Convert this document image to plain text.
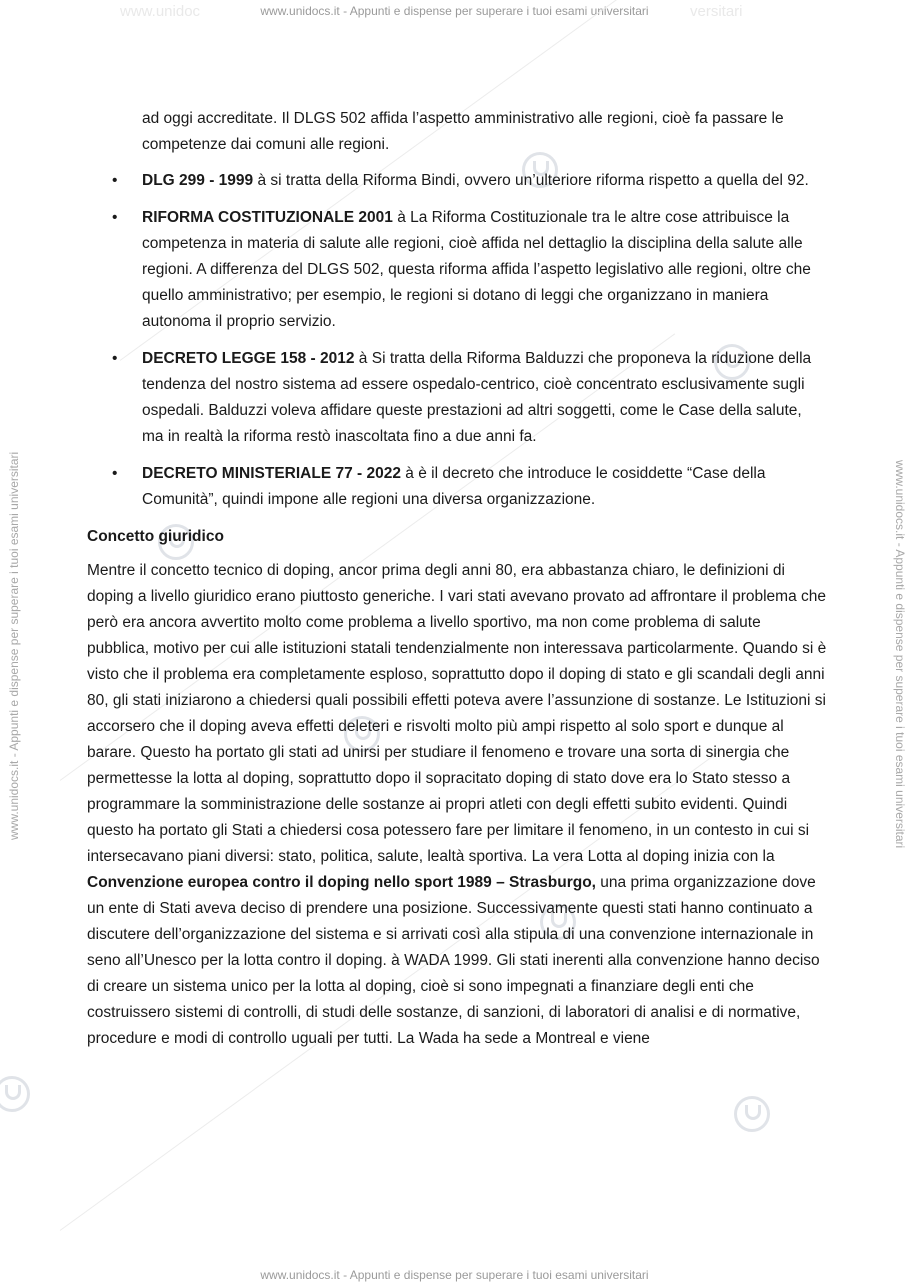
www.unidoc	versitari
www.unidocs.it - Appunti e dispense per superare i tuoi esami universitari
www.unidocs.it - Appunti e dispense per superare i tuoi esami universitari
www.unidocs.it - Appunti e dispense per superare i tuoi esami universitari	www.unidocs.it - Appunti e dispense per superare i tuoi esami universitari

ad oggi accreditate. Il DLGS 502 affida l’aspetto amministrativo alle regioni, cioè fa passare le competenze dai comuni alle regioni.

• DLG 299 - 1999 à si tratta della Riforma Bindi, ovvero un’ulteriore riforma rispetto a quella del 92.
• RIFORMA COSTITUZIONALE 2001 à La Riforma Costituzionale tra le altre cose attribuisce la competenza in materia di salute alle regioni, cioè affida nel dettaglio la disciplina della salute alle regioni. A differenza del DLGS 502, questa riforma affida l’aspetto legislativo alle regioni, oltre che quello amministrativo; per esempio, le regioni si dotano di leggi che organizzano in maniera autonoma il proprio servizio.
• DECRETO LEGGE 158 - 2012 à Si tratta della Riforma Balduzzi che proponeva la riduzione della tendenza del nostro sistema ad essere ospedalo-centrico, cioè concentrato esclusivamente sugli ospedali. Balduzzi voleva affidare queste prestazioni ad altri soggetti, come le Case della salute, ma in realtà la riforma restò inascoltata fino a due anni fa.
• DECRETO MINISTERIALE 77 - 2022 à è il decreto che introduce le cosiddette “Case della Comunità”, quindi impone alle regioni una diversa organizzazione.
Concetto giuridico

Mentre il concetto tecnico di doping, ancor prima degli anni 80, era abbastanza chiaro, le definizioni di doping a livello giuridico erano piuttosto generiche. I vari stati avevano provato ad affrontare il problema che però era ancora avvertito molto come problema a livello sportivo, ma non come problema di salute pubblica, motivo per cui alle istituzioni statali tendenzialmente non interessava particolarmente. Quando si è visto che il problema era completamente esploso, soprattutto dopo il doping di stato e gli scandali degli anni 80, gli stati iniziarono a chiedersi quali possibili effetti poteva avere l’assunzione di sostanze. Le Istituzioni si accorsero che il doping aveva effetti deleteri e risvolti molto più ampi rispetto al solo sport e dunque al barare. Questo ha portato gli stati ad unirsi per studiare il fenomeno e trovare una sorta di sinergia che permettesse la lotta al doping, soprattutto dopo il sopracitato doping di stato dove era lo Stato stesso a programmare la somministrazione delle sostanze ai propri atleti con degli effetti subito evidenti. Quindi questo ha portato gli Stati a chiedersi cosa potessero fare per limitare il fenomeno, in un contesto in cui si intersecavano piani diversi: stato, politica, salute, lealtà sportiva. La vera Lotta al doping inizia con la Convenzione europea contro il doping nello sport 1989 – Strasburgo, una prima organizzazione dove un ente di Stati aveva deciso di prendere una posizione. Successivamente questi stati hanno continuato a discutere dell’organizzazione del sistema e si arrivati così alla stipula di una convenzione internazionale in seno all’Unesco per la lotta contro il doping. à WADA 1999. Gli stati inerenti alla convenzione hanno deciso di creare un sistema unico per la lotta al doping, cioè si sono impegnati a finanziare degli enti che costruissero sistemi di controlli, di studi delle sostanze, di sanzioni, di laboratori di analisi e di normative, procedure e modi di controllo uguali per tutti. La Wada ha sede a Montreal e viene
